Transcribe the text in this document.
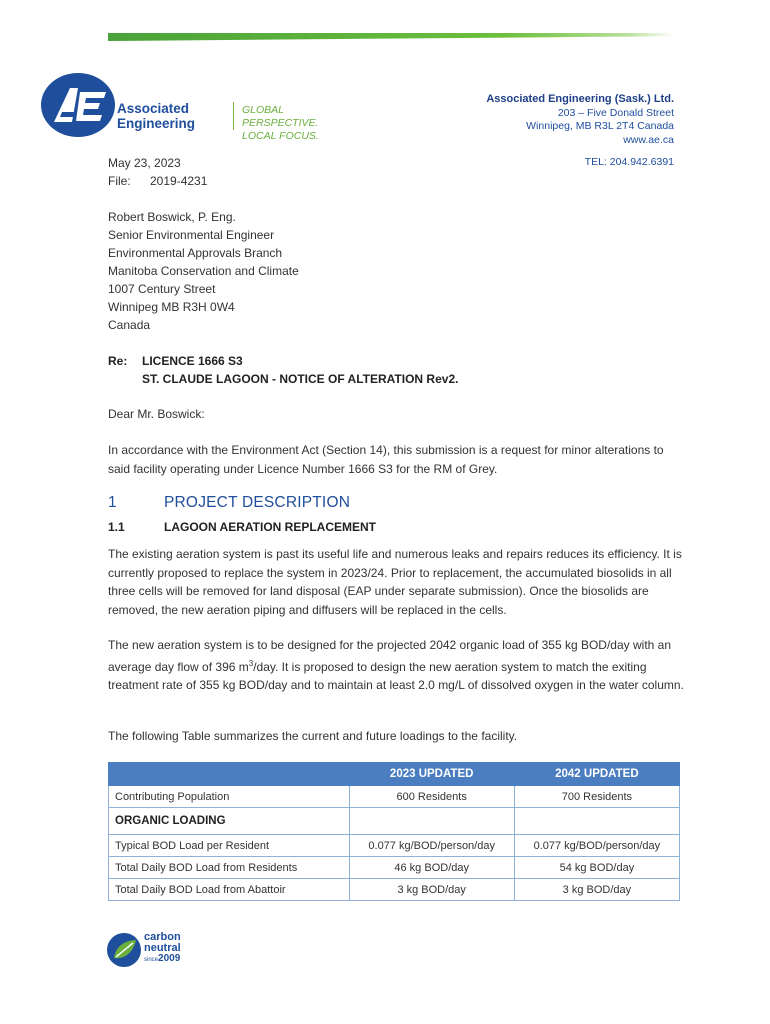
Associated
Engineering
GLOBAL PERSPECTIVE.
LOCAL FOCUS.
Associated Engineering (Sask.) Ltd.
203 – Five Donald Street
Winnipeg, MB R3L 2T4 Canada
www.ae.ca
TEL: 204.942.6391
May 23, 2023
File: 2019-4231
Robert Boswick, P. Eng.
Senior Environmental Engineer
Environmental Approvals Branch
Manitoba Conservation and Climate
1007 Century Street
Winnipeg MB R3H 0W4
Canada
Re: LICENCE 1666 S3
ST. CLAUDE LAGOON - NOTICE OF ALTERATION Rev2.
Dear Mr. Boswick:
In accordance with the Environment Act (Section 14), this submission is a request for minor alterations to said facility operating under Licence Number 1666 S3 for the RM of Grey.
1	PROJECT DESCRIPTION
1.1	LAGOON AERATION REPLACEMENT
The existing aeration system is past its useful life and numerous leaks and repairs reduces its efficiency. It is currently proposed to replace the system in 2023/24. Prior to replacement, the accumulated biosolids in all three cells will be removed for land disposal (EAP under separate submission). Once the biosolids are removed, the new aeration piping and diffusers will be replaced in the cells.
The new aeration system is to be designed for the projected 2042 organic load of 355 kg BOD/day with an average day flow of 396 $m^3$/day. It is proposed to design the new aeration system to match the exiting treatment rate of 355 kg BOD/day and to maintain at least 2.0 mg/L of dissolved oxygen in the water column.
The following Table summarizes the current and future loadings to the facility.
	2023 UPDATED	2042 UPDATED
Contributing Population	600 Residents	700 Residents
ORGANIC LOADING		
Typical BOD Load per Resident	0.077 kg/BOD/person/day	0.077 kg/BOD/person/day
Total Daily BOD Load from Residents	46 kg BOD/day	54 kg BOD/day
Total Daily BOD Load from Abattoir	3 kg BOD/day	3 kg BOD/day
carbon
neutral
since2009
